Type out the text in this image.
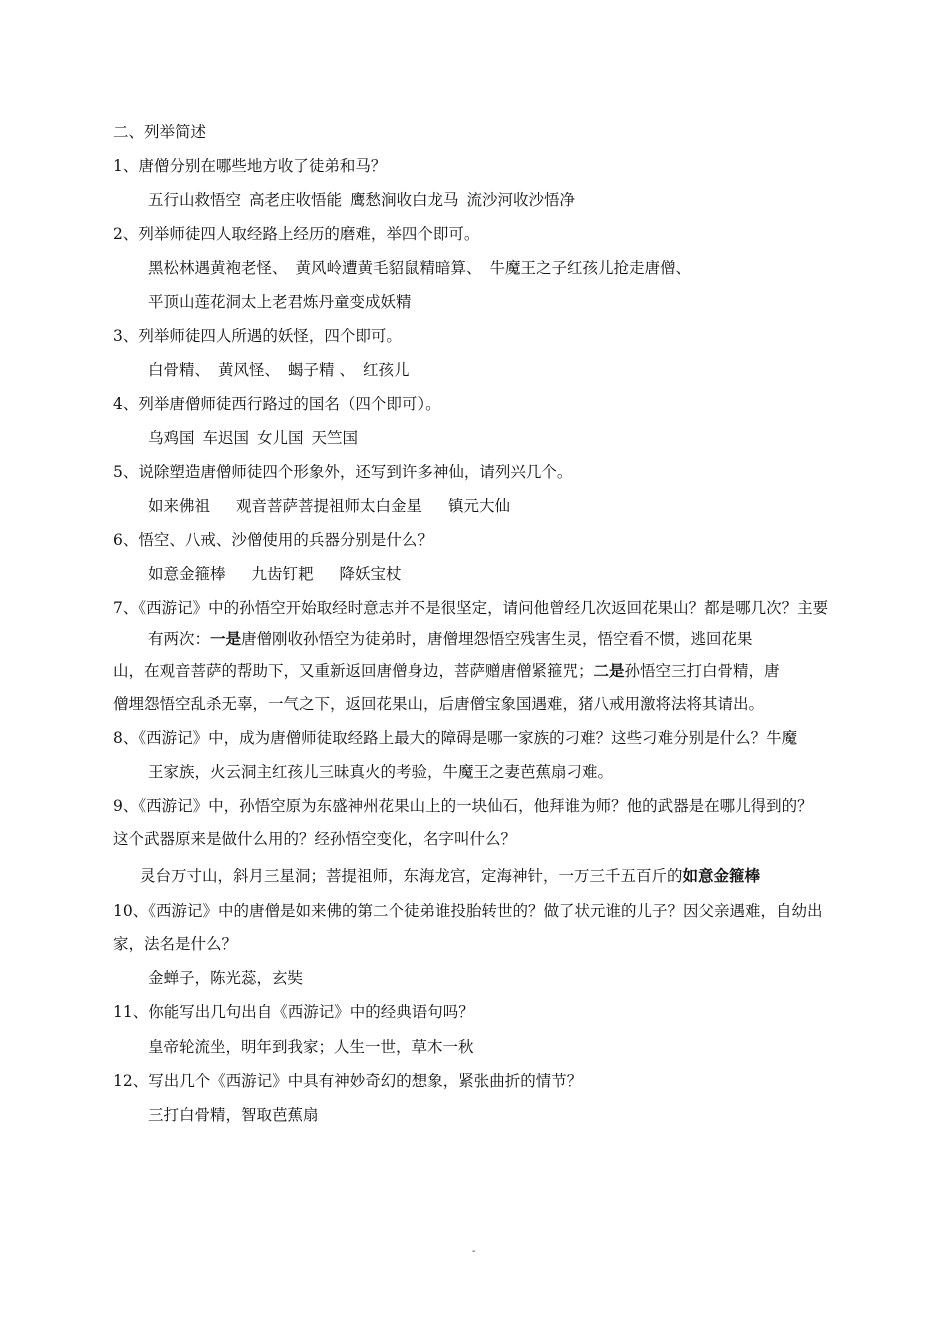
二、列举简述
1、唐僧分别在哪些地方收了徒弟和马？
五行山救悟空 高老庄收悟能 鹰愁涧收白龙马 流沙河收沙悟净
2、列举师徒四人取经路上经历的磨难，举四个即可。
黑松林遇黄袍老怪、 黄风岭遭黄毛貂鼠精暗算、 牛魔王之子红孩儿抢走唐僧、
平顶山莲花洞太上老君炼丹童变成妖精
3、列举师徒四人所遇的妖怪，四个即可。
白骨精、 黄风怪、 蝎子精 、 红孩儿
4、列举唐僧师徒西行路过的国名（四个即可）。
乌鸡国 车迟国 女儿国 天竺国
5、说除塑造唐僧师徒四个形象外，还写到许多神仙，请列兴几个。
如来佛祖 观音菩萨菩提祖师太白金星 镇元大仙
6、悟空、八戒、沙僧使用的兵器分别是什么？
如意金箍棒 九齿钉耙 降妖宝杖
7、《西游记》中的孙悟空开始取经时意志并不是很坚定，请问他曾经几次返回花果山？都是哪几次？主要
有两次：一是唐僧刚收孙悟空为徒弟时，唐僧埋怨悟空残害生灵，悟空看不惯，逃回花果
山，在观音菩萨的帮助下，又重新返回唐僧身边，菩萨赠唐僧紧箍咒；二是孙悟空三打白骨精，唐
僧埋怨悟空乱杀无辜，一气之下，返回花果山，后唐僧宝象国遇难，猪八戒用激将法将其请出。
8、《西游记》中，成为唐僧师徒取经路上最大的障碍是哪一家族的刁难？这些刁难分别是什么？牛魔
王家族，火云洞主红孩儿三昧真火的考验，牛魔王之妻芭蕉扇刁难。
9、《西游记》中，孙悟空原为东盛神州花果山上的一块仙石，他拜谁为师？他的武器是在哪儿得到的？
这个武器原来是做什么用的？经孙悟空变化，名字叫什么？
灵台万寸山，斜月三星洞；菩提祖师，东海龙宫，定海神针，一万三千五百斤的如意金箍棒
10、《西游记》中的唐僧是如来佛的第二个徒弟谁投胎转世的？做了状元谁的儿子？因父亲遇难，自幼出
家，法名是什么？
金蝉子，陈光蕊，玄奘
11、你能写出几句出自《西游记》中的经典语句吗？
皇帝轮流坐，明年到我家；人生一世，草木一秋
12、写出几个《西游记》中具有神妙奇幻的想象，紧张曲折的情节？
三打白骨精，智取芭蕉扇
-
